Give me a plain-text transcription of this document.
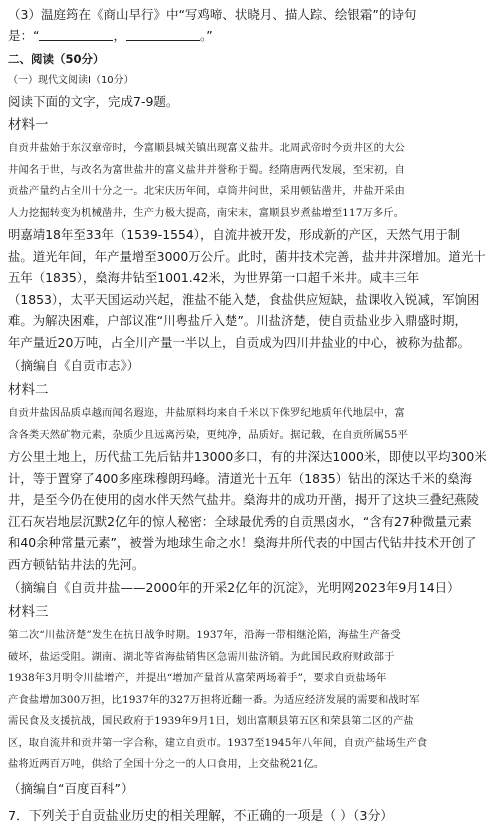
（3）温庭筠在《商山早行》中“写鸡啼、状晓月、描人踪、绘银霜”的诗句
是：“	，	。”
二、阅读（50分）
（一）现代文阅读Ⅰ（10分）
阅读下面的文字，完成7-9题。
材料一
自贡井盐始于东汉章帝时，今富顺县城关镇出现富义盐井。北周武帝时今贡井区的大公
井闻名于世，与改名为富世盐井的富义盐井并誉称于蜀。经隋唐两代发展，至宋初，自
贡盐产量约占全川十分之一。北宋庆历年间，卓筒井问世，采用顿钻凿井，井盐开采由
人力挖掘转变为机械凿井，生产力极大提高，南宋末，富顺县岁煮盐增至117万多斤。
明嘉靖18年至33年（1539-1554），自流井被开发，形成新的产区，天然气用于制
盐。道光年间，年产量增至3000万公斤。此时，菌井技术完善，盐井井深增加。道光十
五年（1835），燊海井钻至1001.42米，为世界第一口超千米井。咸丰三年
（1853），太平天国运动兴起，淮盐不能入楚，食盐供应短缺，盐课收入锐减，军饷困
难。为解决困难，户部议准“川粤盐斤入楚”。川盐济楚，使自贡盐业步入鼎盛时期，
年产量近20万吨，占全川产量一半以上，自贡成为四川井盐业的中心，被称为盐都。
（摘编自《自贡市志》）
材料二
自贡井盐因品质卓越而闻名遐迩，井盐原料均来自千米以下侏罗纪地质年代地层中，富
含各类天然矿物元素，杂质少且远离污染，更纯净，品质好。据记载，在自贡所属55平
方公里土地上，历代盐工先后钻井13000多口，有的井深达1000米，即使以平均300米
计，等于置穿了400多座珠穆朗玛峰。清道光十五年（1835）钻出的深达千米的燊海
井，是至今仍在使用的卤水伴天然气盐井。燊海井的成功开凿，揭开了这块三叠纪燕陵
江石灰岩地层沉默2亿年的惊人秘密：全球最优秀的自贡黑卤水，“含有27种微量元素
和40余种常量元素”，被誉为地球生命之水！燊海井所代表的中国古代钻井技术开创了
西方顿钻钻井法的先河。
（摘编自《自贡井盐——2000年的开采2亿年的沉淀》，光明网2023年9月14日）
材料三
第二次“川盐济楚”发生在抗日战争时期。1937年，沿海一带相继沦陷，海盐生产备受
破坏，盐运受阻。湖南、湖北等省海盐销售区急需川盐济销。为此国民政府财政部于
1938年3月明令川盐增产，并提出“增加产量首从富荣两场着手”，要求自贡盐场年
产食盐增加300万担，比1937年的327万担将近翻一番。为适应经济发展的需要和战时军
需民食及支援抗战，国民政府于1939年9月1日，划出富顺县第五区和荣县第二区的产盐
区，取自流井和贡井第一字合称，建立自贡市。1937至1945年八年间，自贡产盐场生产食
盐将近两百万吨，供给了全国十分之一的人口食用，上交盐税21亿。
（摘编自“百度百科”）
7．下列关于自贡盐业历史的相关理解，不正确的一项是（ ）（3分）
